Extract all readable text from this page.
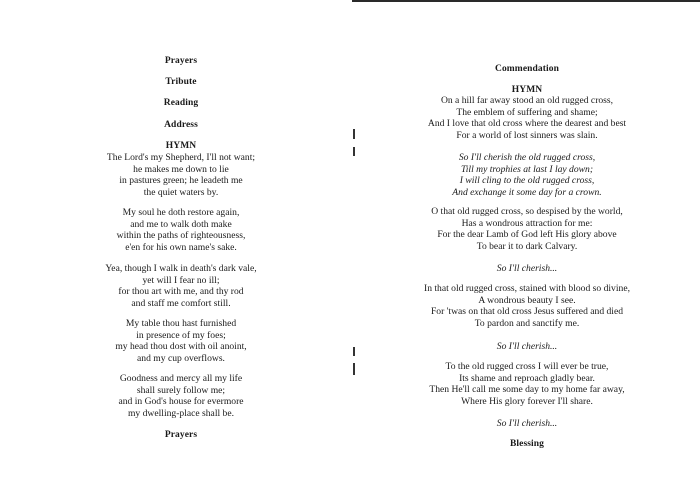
Prayers
Tribute
Reading
Address
HYMN
The Lord's my Shepherd, I'll not want;
he makes me down to lie
in pastures green; he leadeth me
the quiet waters by.
My soul he doth restore again,
and me to walk doth make
within the paths of righteousness,
e'en for his own name's sake.
Yea, though I walk in death's dark vale,
yet will I fear no ill;
for thou art with me, and thy rod
and staff me comfort still.
My table thou hast furnished
in presence of my foes;
my head thou dost with oil anoint,
and my cup overflows.
Goodness and mercy all my life
shall surely follow me;
and in God's house for evermore
my dwelling-place shall be.
Prayers
Commendation
HYMN
On a hill far away stood an old rugged cross,
The emblem of suffering and shame;
And I love that old cross where the dearest and best
For a world of lost sinners was slain.
So I'll cherish the old rugged cross,
Till my trophies at last I lay down;
I will cling to the old rugged cross,
And exchange it some day for a crown.
O that old rugged cross, so despised by the world,
Has a wondrous attraction for me:
For the dear Lamb of God left His glory above
To bear it to dark Calvary.
So I'll cherish...
In that old rugged cross, stained with blood so divine,
A wondrous beauty I see.
For 'twas on that old cross Jesus suffered and died
To pardon and sanctify me.
So I'll cherish...
To the old rugged cross I will ever be true,
Its shame and reproach gladly bear.
Then He'll call me some day to my home far away,
Where His glory forever I'll share.
So I'll cherish...
Blessing
